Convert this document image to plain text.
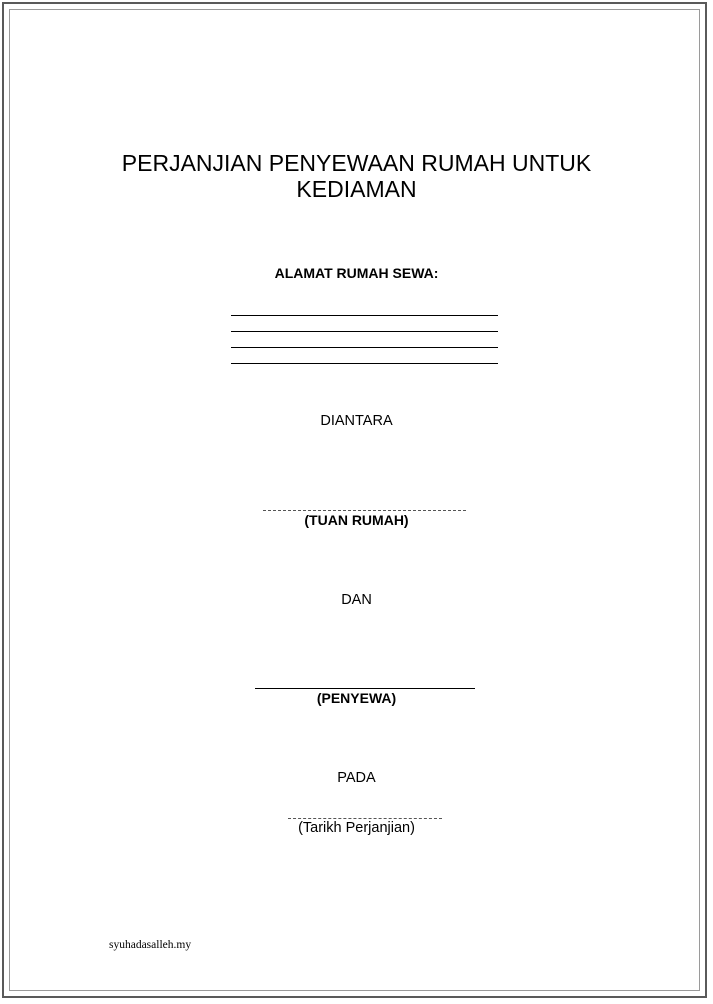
PERJANJIAN PENYEWAAN RUMAH UNTUK
KEDIAMAN
ALAMAT RUMAH SEWA:
DIANTARA
(TUAN RUMAH)
DAN
(PENYEWA)
PADA
(Tarikh Perjanjian)
syuhadasalleh.my
